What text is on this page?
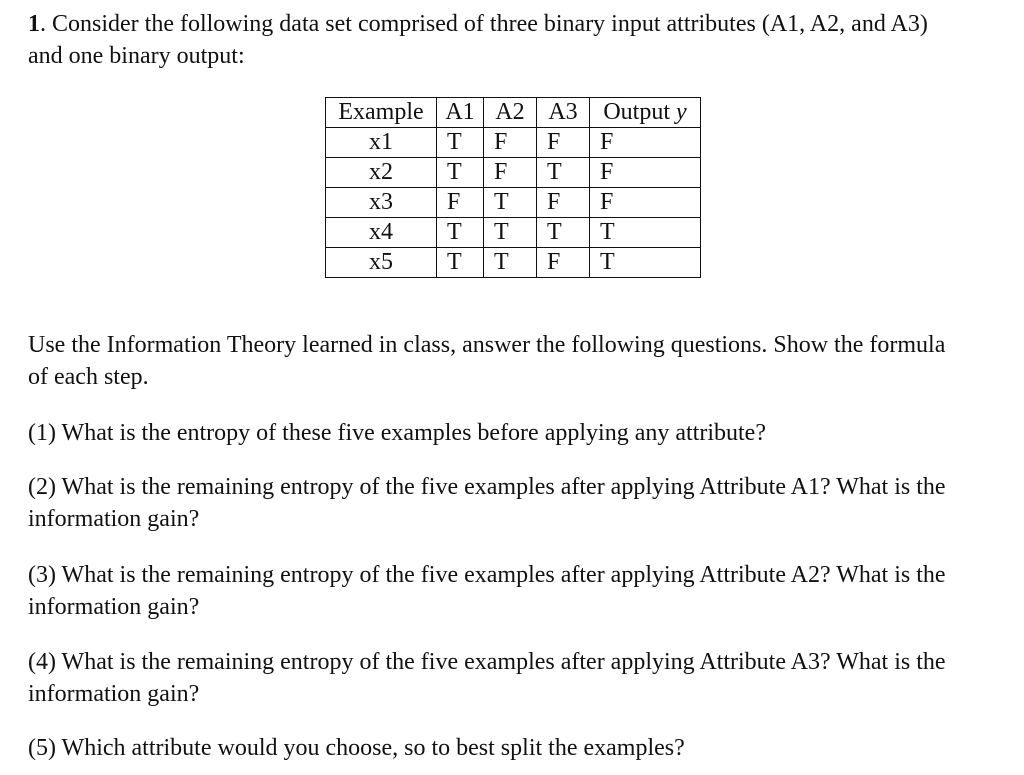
1. Consider the following data set comprised of three binary input attributes (A1, A2, and A3)
and one binary output:
Example	A1	A2	A3	Output y
x1	T	F	F	F
x2	T	F	T	F
x3	F	T	F	F
x4	T	T	T	T
x5	T	T	F	T
Use the Information Theory learned in class, answer the following questions. Show the formula
of each step.
(1) What is the entropy of these five examples before applying any attribute?
(2) What is the remaining entropy of the five examples after applying Attribute A1? What is the
information gain?
(3) What is the remaining entropy of the five examples after applying Attribute A2? What is the
information gain?
(4) What is the remaining entropy of the five examples after applying Attribute A3? What is the
information gain?
(5) Which attribute would you choose, so to best split the examples?
